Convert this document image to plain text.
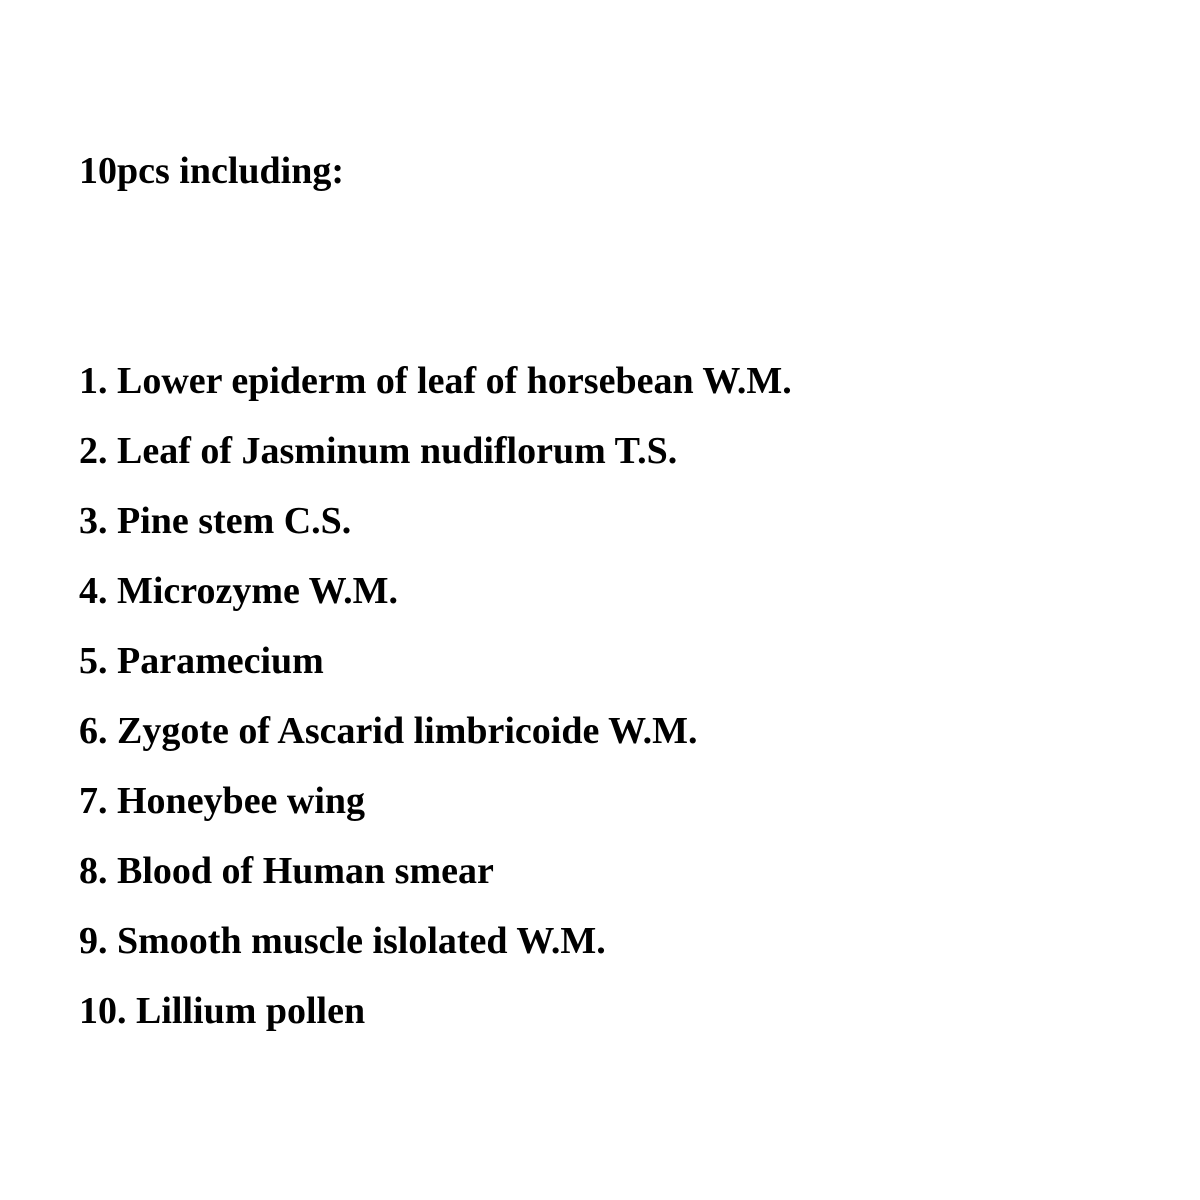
10pcs including:
1. Lower epiderm of leaf of horsebean W.M.
2. Leaf of Jasminum nudiflorum T.S.
3. Pine stem C.S.
4. Microzyme W.M.
5. Paramecium
6. Zygote of Ascarid limbricoide W.M.
7. Honeybee wing
8. Blood of Human smear
9. Smooth muscle islolated W.M.
10. Lillium pollen
